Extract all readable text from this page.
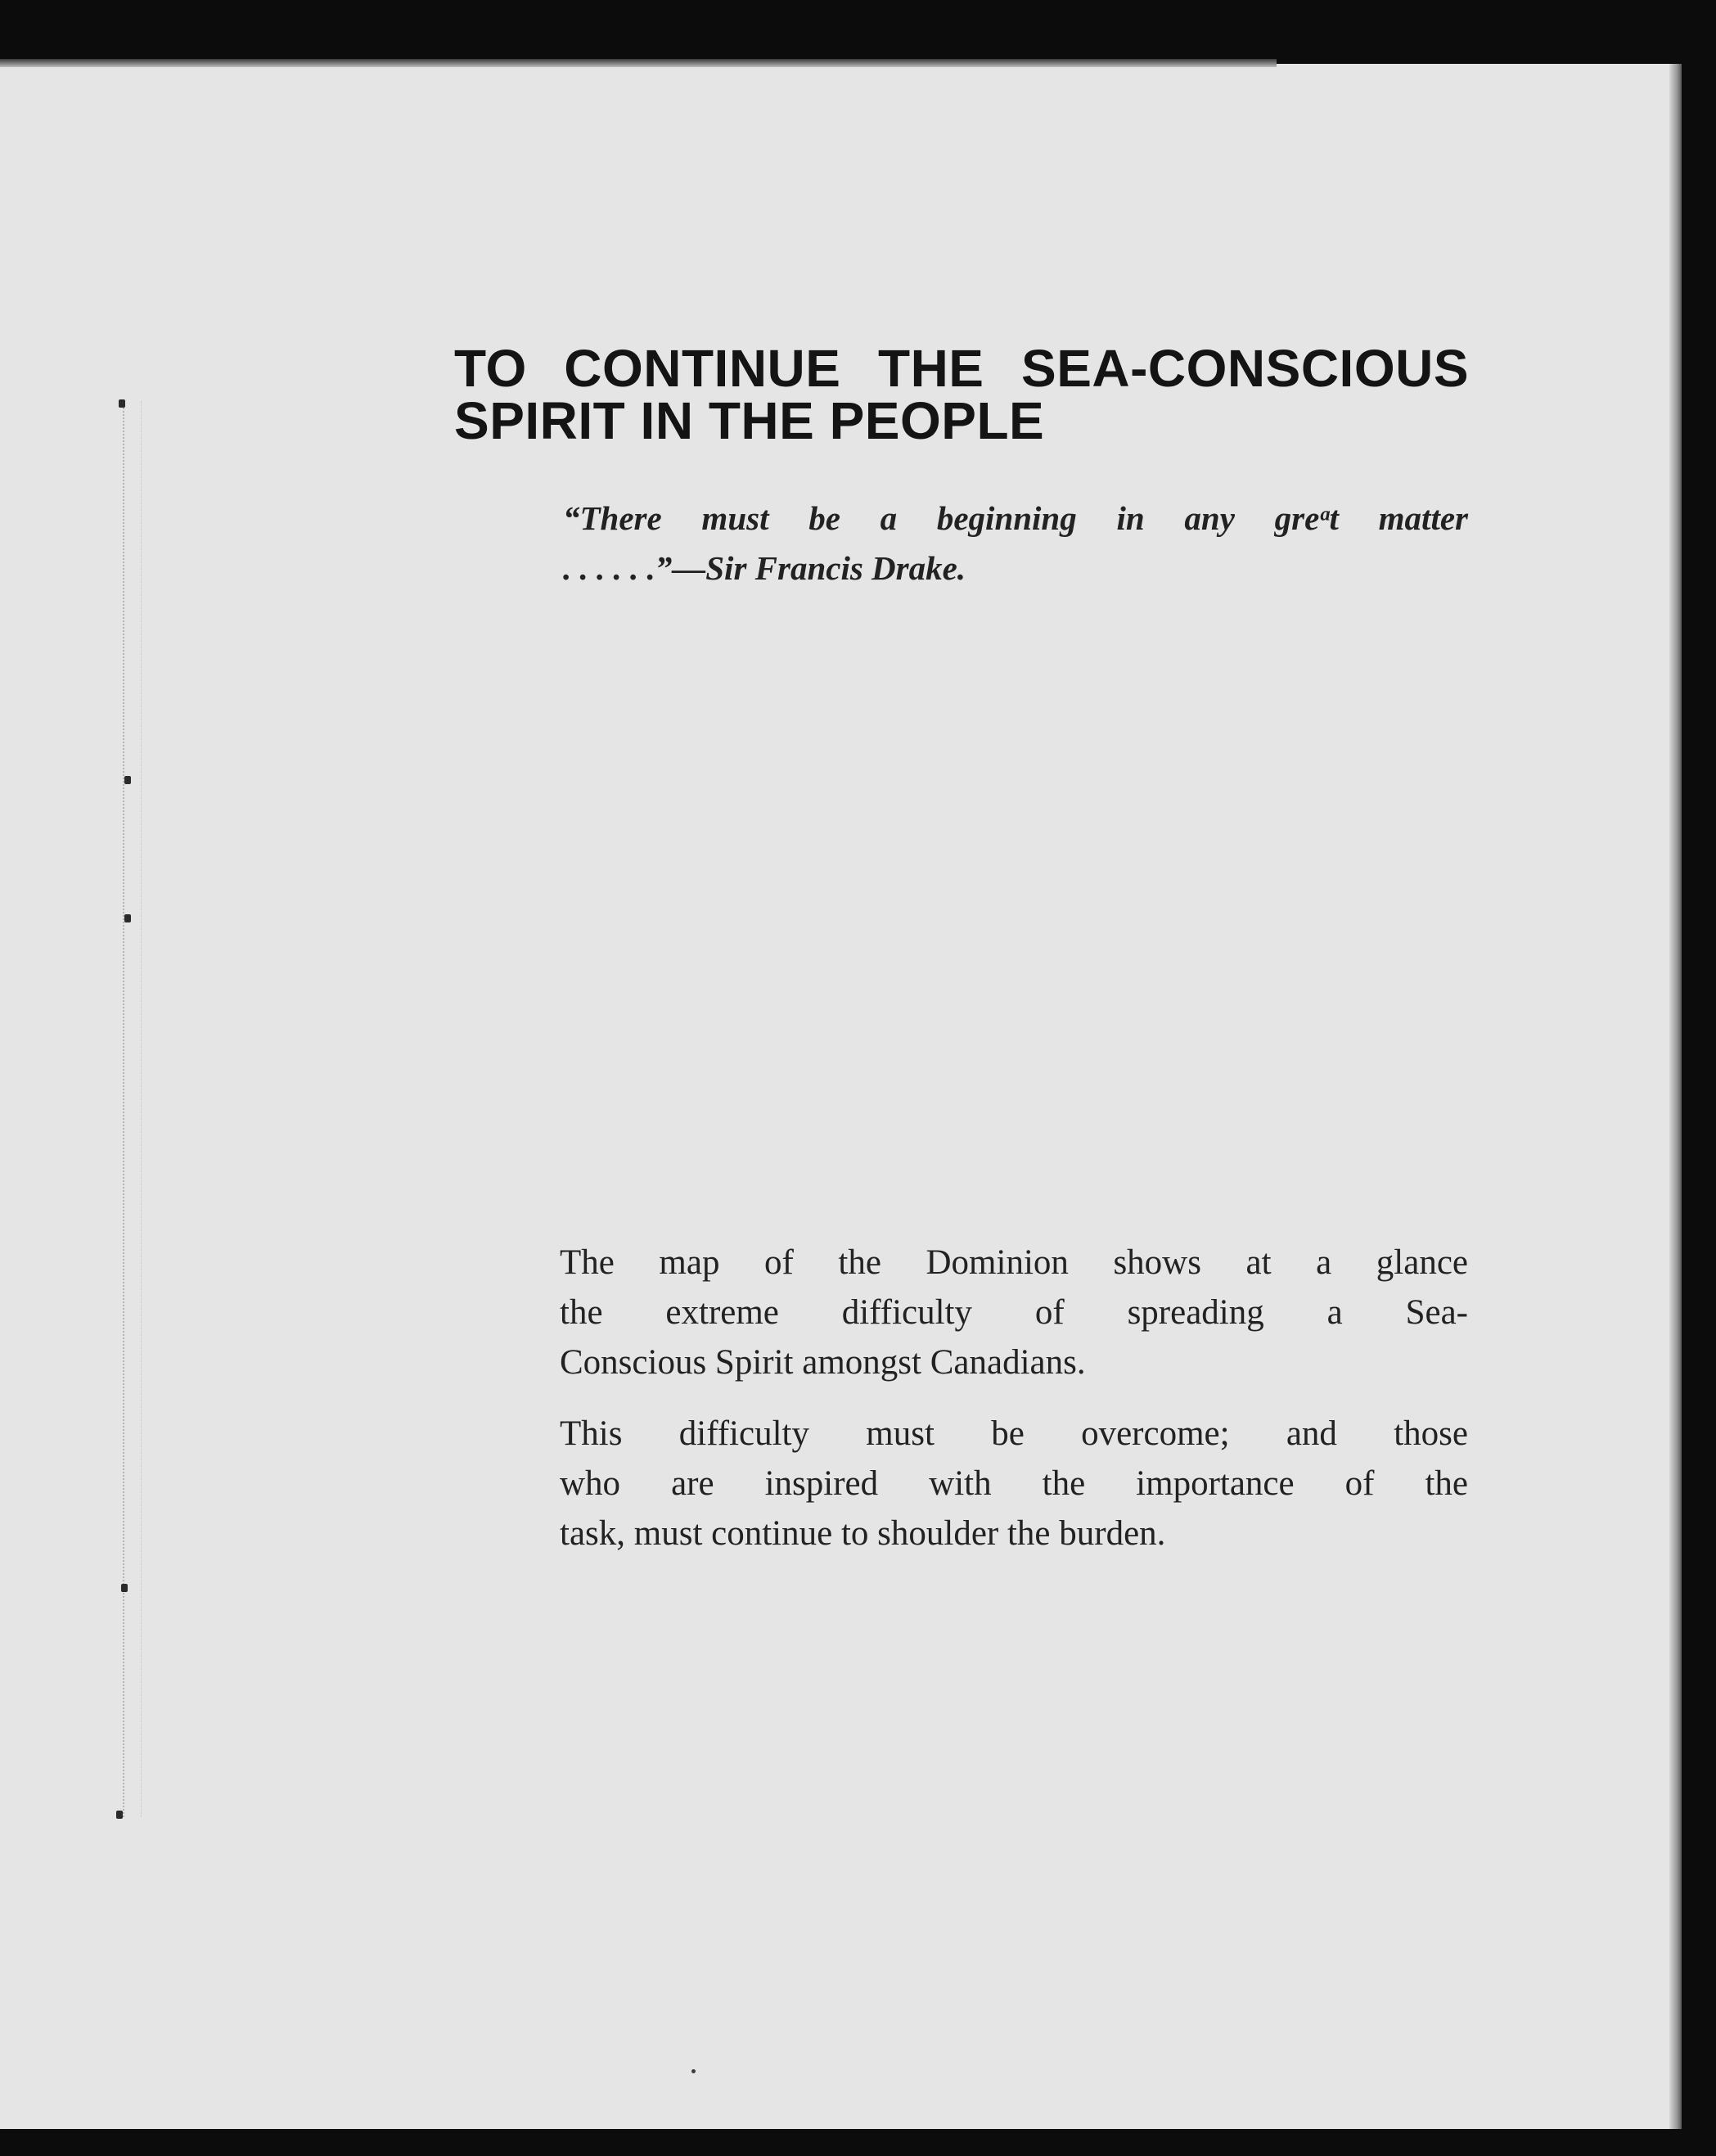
TO CONTINUE THE SEA-CONSCIOUS
SPIRIT IN THE PEOPLE

“There must be a beginning in any greᵃt matter
. . . . . .”—Sir Francis Drake.

The map of the Dominion shows at a glance
the extreme difficulty of spreading a Sea-
Conscious Spirit amongst Canadians.

This difficulty must be overcome; and those
who are inspired with the importance of the
task, must continue to shoulder the burden.
